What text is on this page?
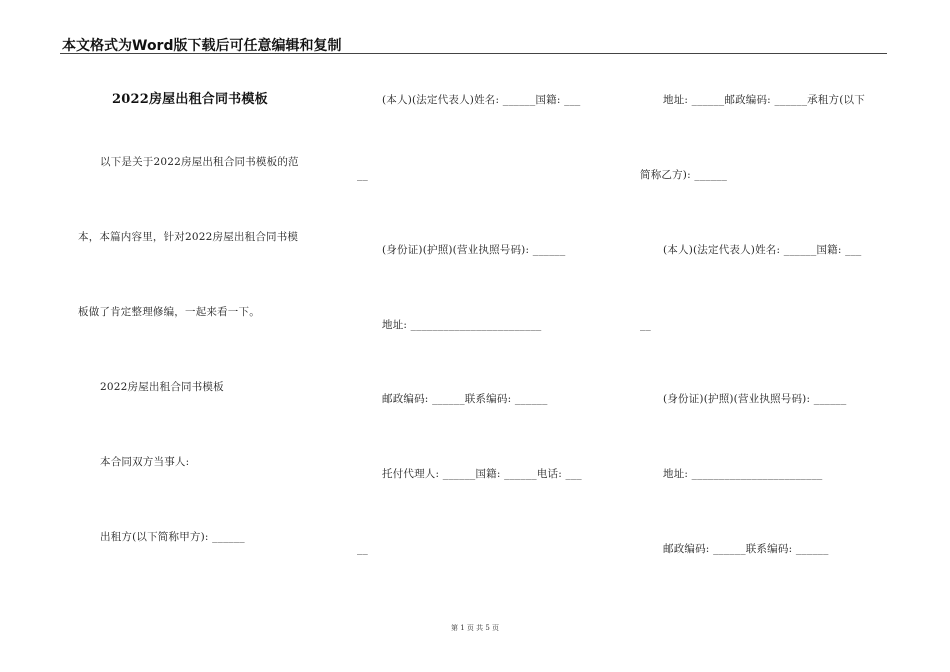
本文格式为Word版下载后可任意编辑和复制
2022房屋出租合同书模板
以下是关于2022房屋出租合同书模板的范
本，本篇内容里，针对2022房屋出租合同书模
板做了肯定整理修编，一起来看一下。
2022房屋出租合同书模板
本合同双方当事人:
出租方(以下简称甲方): ______
(本人)(法定代表人)姓名: ______国籍: ___
__
(身份证)(护照)(营业执照号码): ______
地址: ________________________
邮政编码: ______联系编码: ______
托付代理人: ______国籍: ______电话: ___
__
地址: ______邮政编码: ______承租方(以下
简称乙方): ______
(本人)(法定代表人)姓名: ______国籍: ___
__
(身份证)(护照)(营业执照号码): ______
地址: ________________________
邮政编码: ______联系编码: ______
第 1 页 共 5 页
